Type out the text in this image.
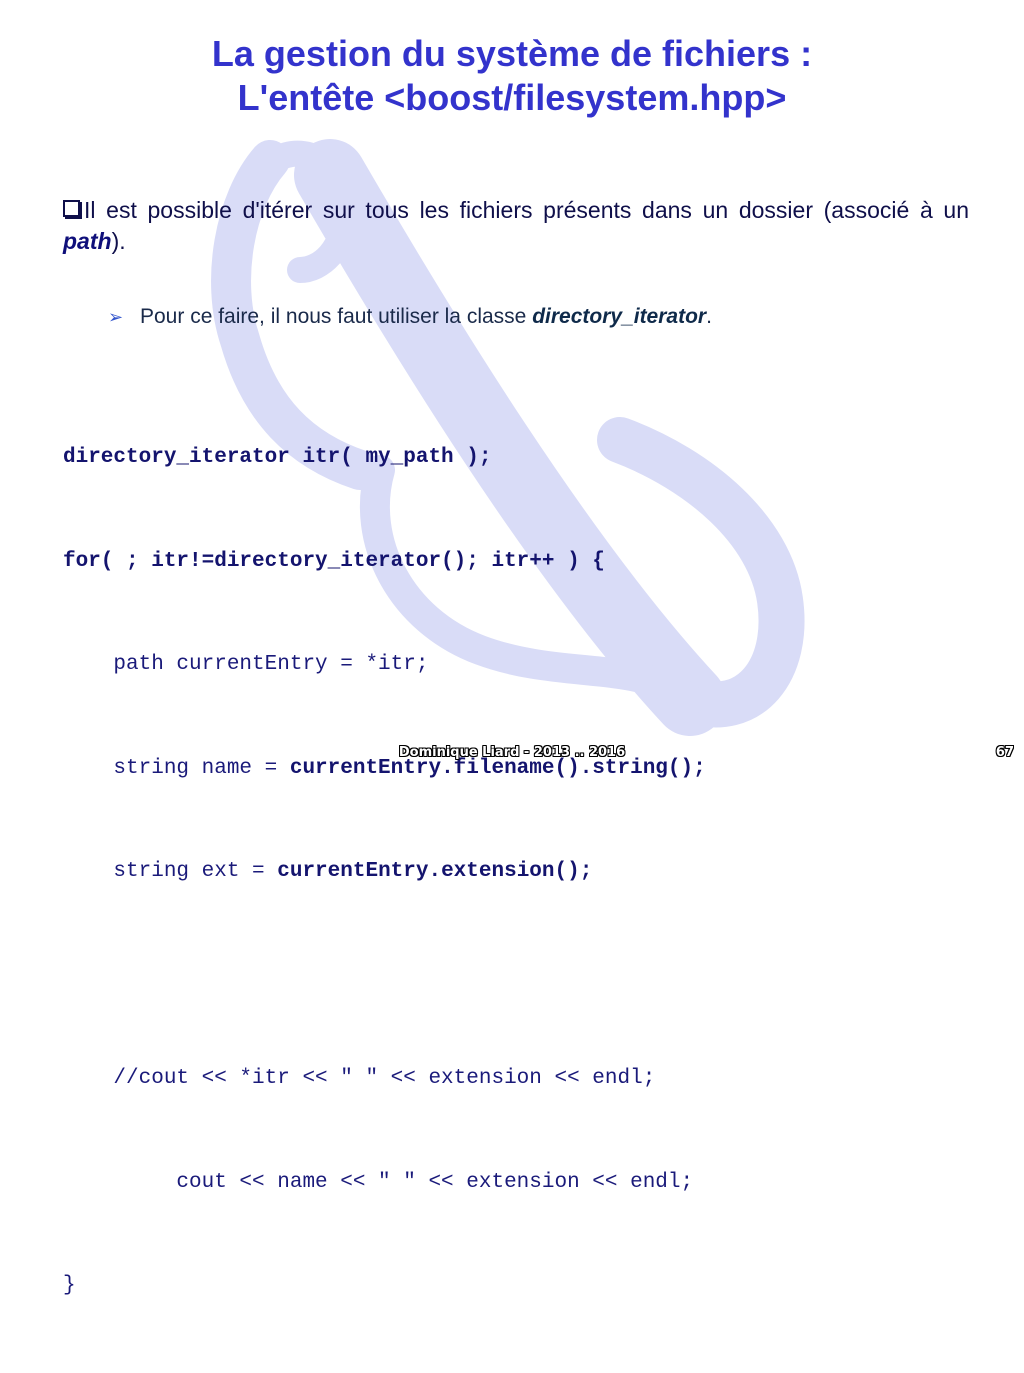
La gestion du système de fichiers :
L'entête <boost/filesystem.hpp>
Il est possible d'itérer sur tous les fichiers présents dans un dossier (associé à un path).
➢ Pour ce faire, il nous faut utiliser la classe directory_iterator.

directory_iterator itr( my_path );

for( ; itr!=directory_iterator(); itr++ ) {

path currentEntry = *itr;

string name = currentEntry.filename().string();

string ext = currentEntry.extension();

//cout << *itr << " " << extension << endl;

cout << name << " " << extension << endl;

}

Dominique Liard - 2013 .. 2016	67
